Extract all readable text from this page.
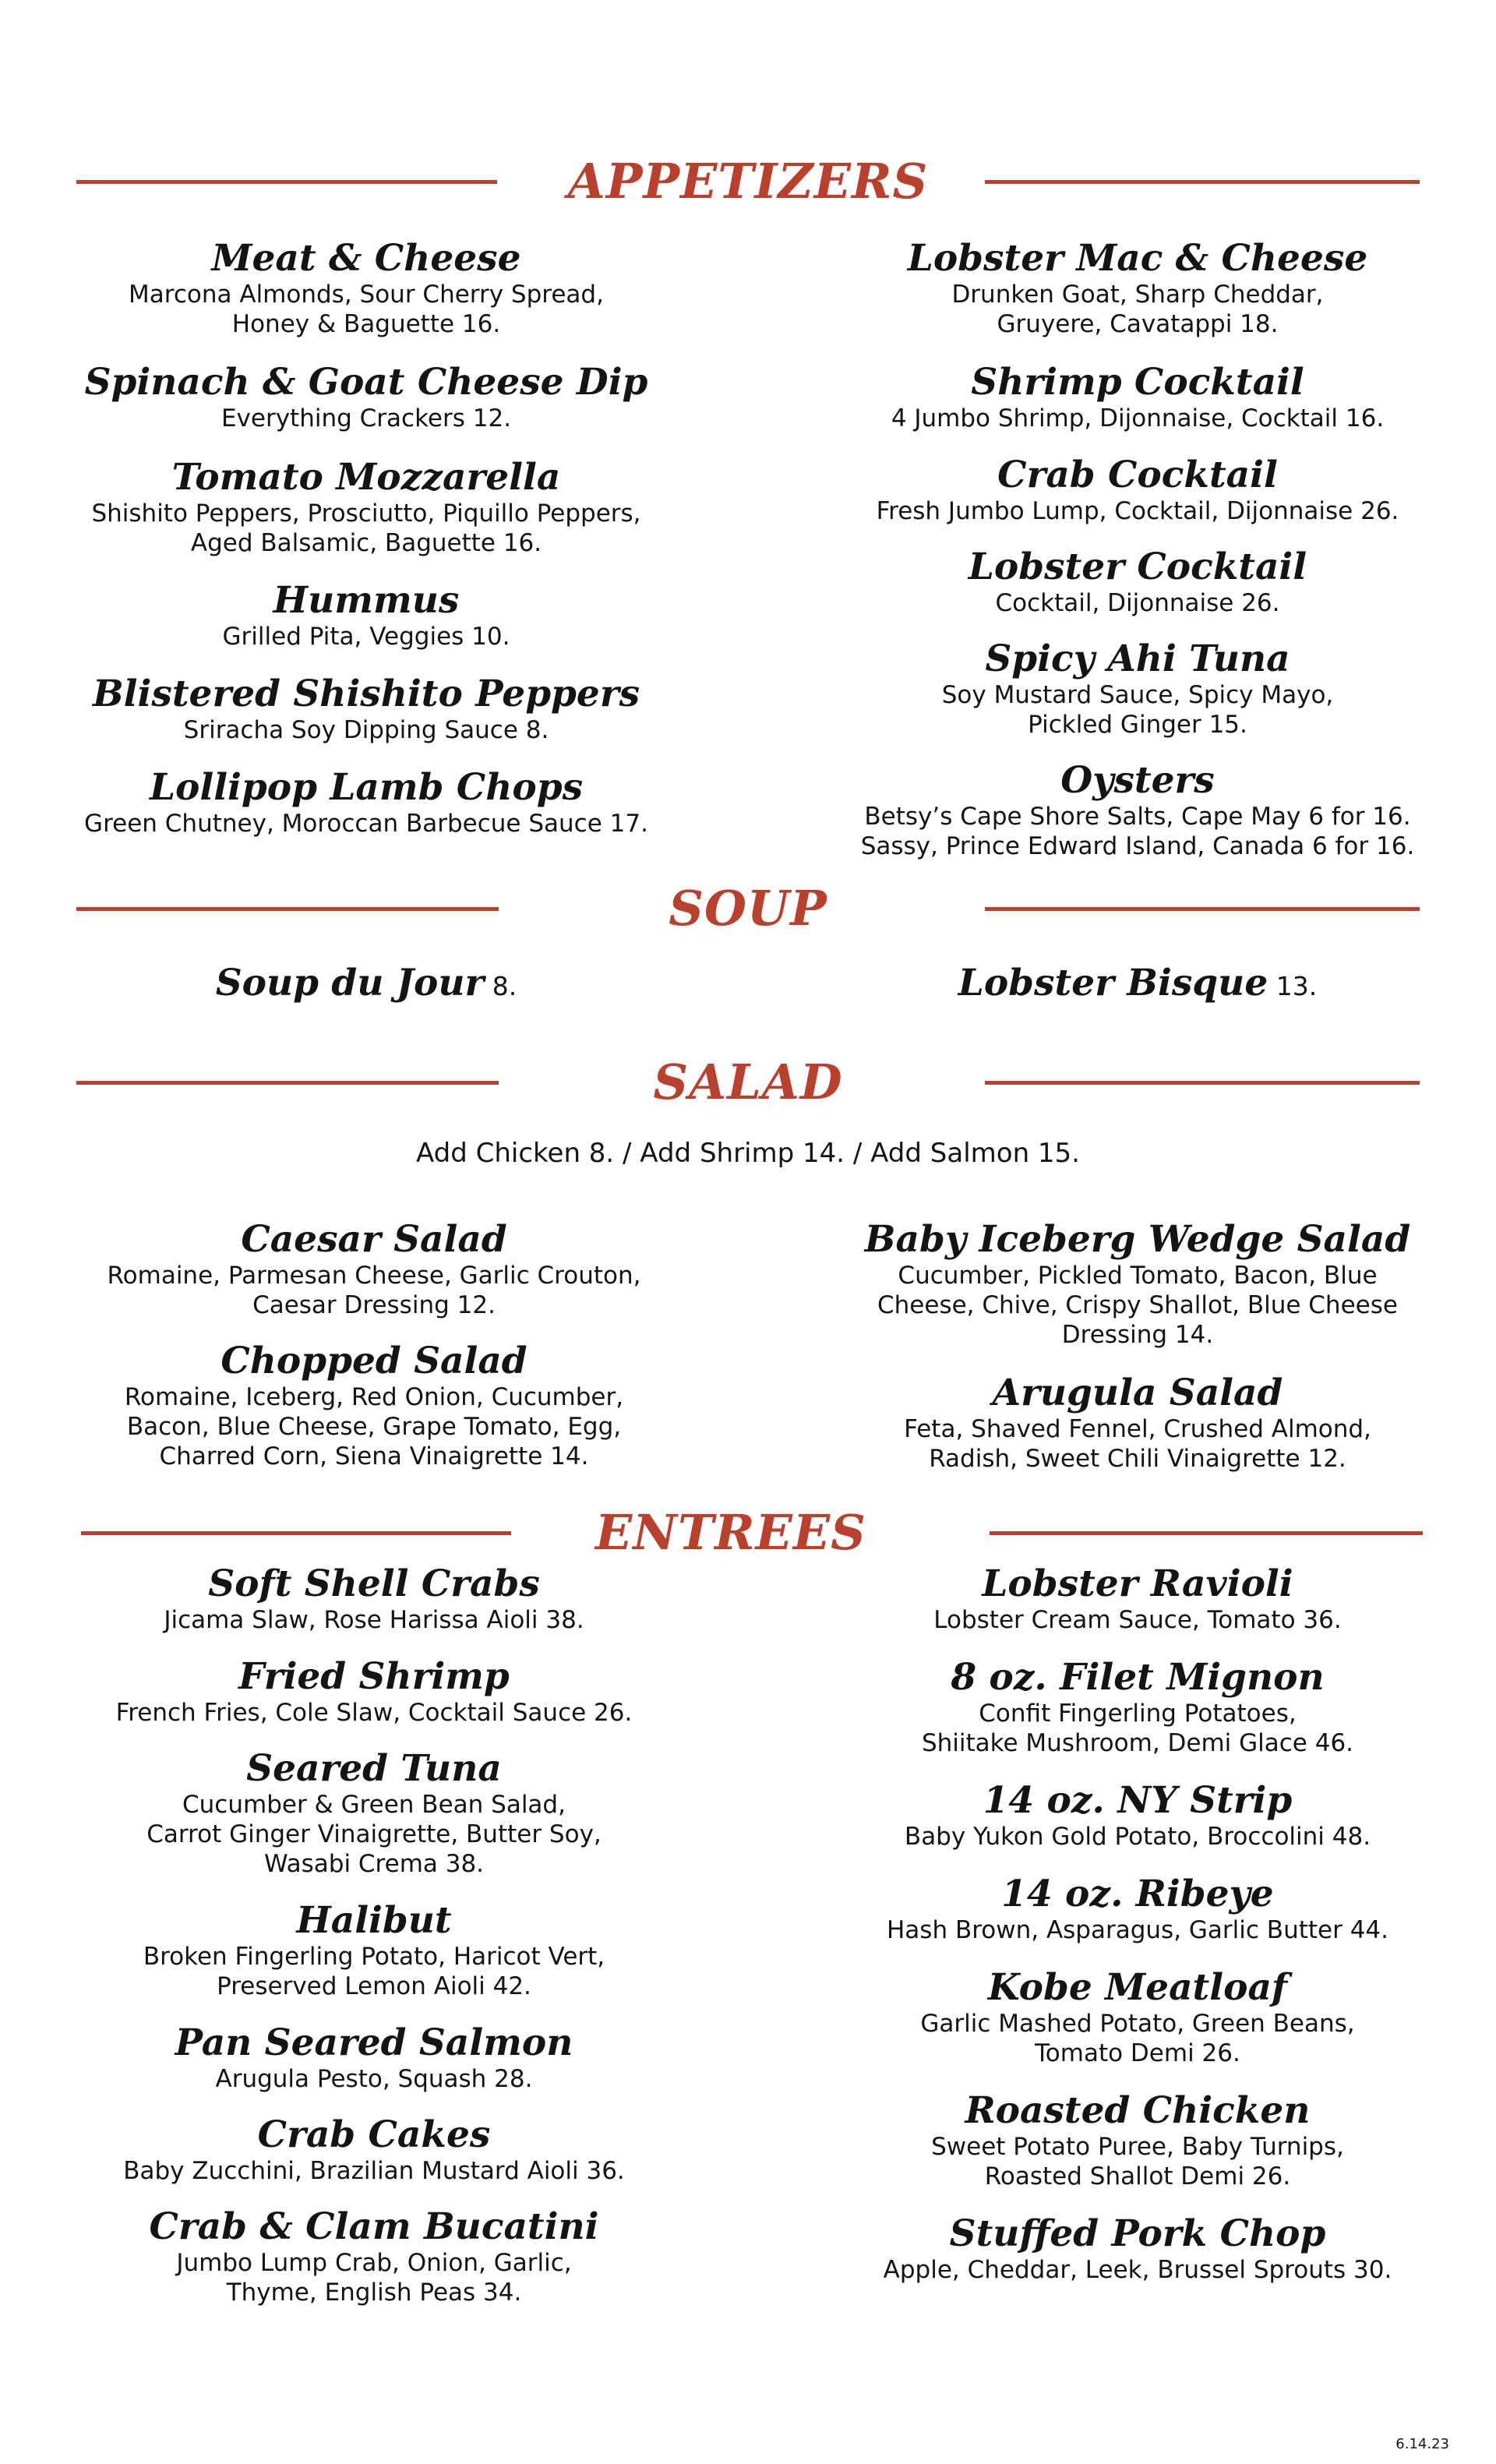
APPETIZERS
Meat & Cheese
Marcona Almonds, Sour Cherry Spread,
Honey & Baguette 16.
Spinach & Goat Cheese Dip
Everything Crackers 12.
Tomato Mozzarella
Shishito Peppers, Prosciutto, Piquillo Peppers,
Aged Balsamic, Baguette 16.
Hummus
Grilled Pita, Veggies 10.
Blistered Shishito Peppers
Sriracha Soy Dipping Sauce 8.
Lollipop Lamb Chops
Green Chutney, Moroccan Barbecue Sauce 17.
Lobster Mac & Cheese
Drunken Goat, Sharp Cheddar,
Gruyere, Cavatappi 18.
Shrimp Cocktail
4 Jumbo Shrimp, Dijonnaise, Cocktail 16.
Crab Cocktail
Fresh Jumbo Lump, Cocktail, Dijonnaise 26.
Lobster Cocktail
Cocktail, Dijonnaise 26.
Spicy Ahi Tuna
Soy Mustard Sauce, Spicy Mayo,
Pickled Ginger 15.
Oysters
Betsy’s Cape Shore Salts, Cape May 6 for 16.
Sassy, Prince Edward Island, Canada 6 for 16.
SOUP
Soup du Jour 8.	Lobster Bisque 13.
SALAD

Add Chicken 8. / Add Shrimp 14. / Add Salmon 15.

Caesar Salad
Romaine, Parmesan Cheese, Garlic Crouton,
Caesar Dressing 12.
Chopped Salad
Romaine, Iceberg, Red Onion, Cucumber,
Bacon, Blue Cheese, Grape Tomato, Egg,
Charred Corn, Siena Vinaigrette 14.
Baby Iceberg Wedge Salad
Cucumber, Pickled Tomato, Bacon, Blue
Cheese, Chive, Crispy Shallot, Blue Cheese
Dressing 14.
Arugula Salad
Feta, Shaved Fennel, Crushed Almond,
Radish, Sweet Chili Vinaigrette 12.
ENTREES
Soft Shell Crabs
Jicama Slaw, Rose Harissa Aioli 38.
Fried Shrimp
French Fries, Cole Slaw, Cocktail Sauce 26.
Seared Tuna
Cucumber & Green Bean Salad,
Carrot Ginger Vinaigrette, Butter Soy,
Wasabi Crema 38.
Halibut
Broken Fingerling Potato, Haricot Vert,
Preserved Lemon Aioli 42.
Pan Seared Salmon
Arugula Pesto, Squash 28.
Crab Cakes
Baby Zucchini, Brazilian Mustard Aioli 36.
Crab & Clam Bucatini
Jumbo Lump Crab, Onion, Garlic,
Thyme, English Peas 34.
Lobster Ravioli
Lobster Cream Sauce, Tomato 36.
8 oz. Filet Mignon
Confit Fingerling Potatoes,
Shiitake Mushroom, Demi Glace 46.
14 oz. NY Strip
Baby Yukon Gold Potato, Broccolini 48.
14 oz. Ribeye
Hash Brown, Asparagus, Garlic Butter 44.
Kobe Meatloaf
Garlic Mashed Potato, Green Beans,
Tomato Demi 26.
Roasted Chicken
Sweet Potato Puree, Baby Turnips,
Roasted Shallot Demi 26.
Stuffed Pork Chop
Apple, Cheddar, Leek, Brussel Sprouts 30.

6.14.23
